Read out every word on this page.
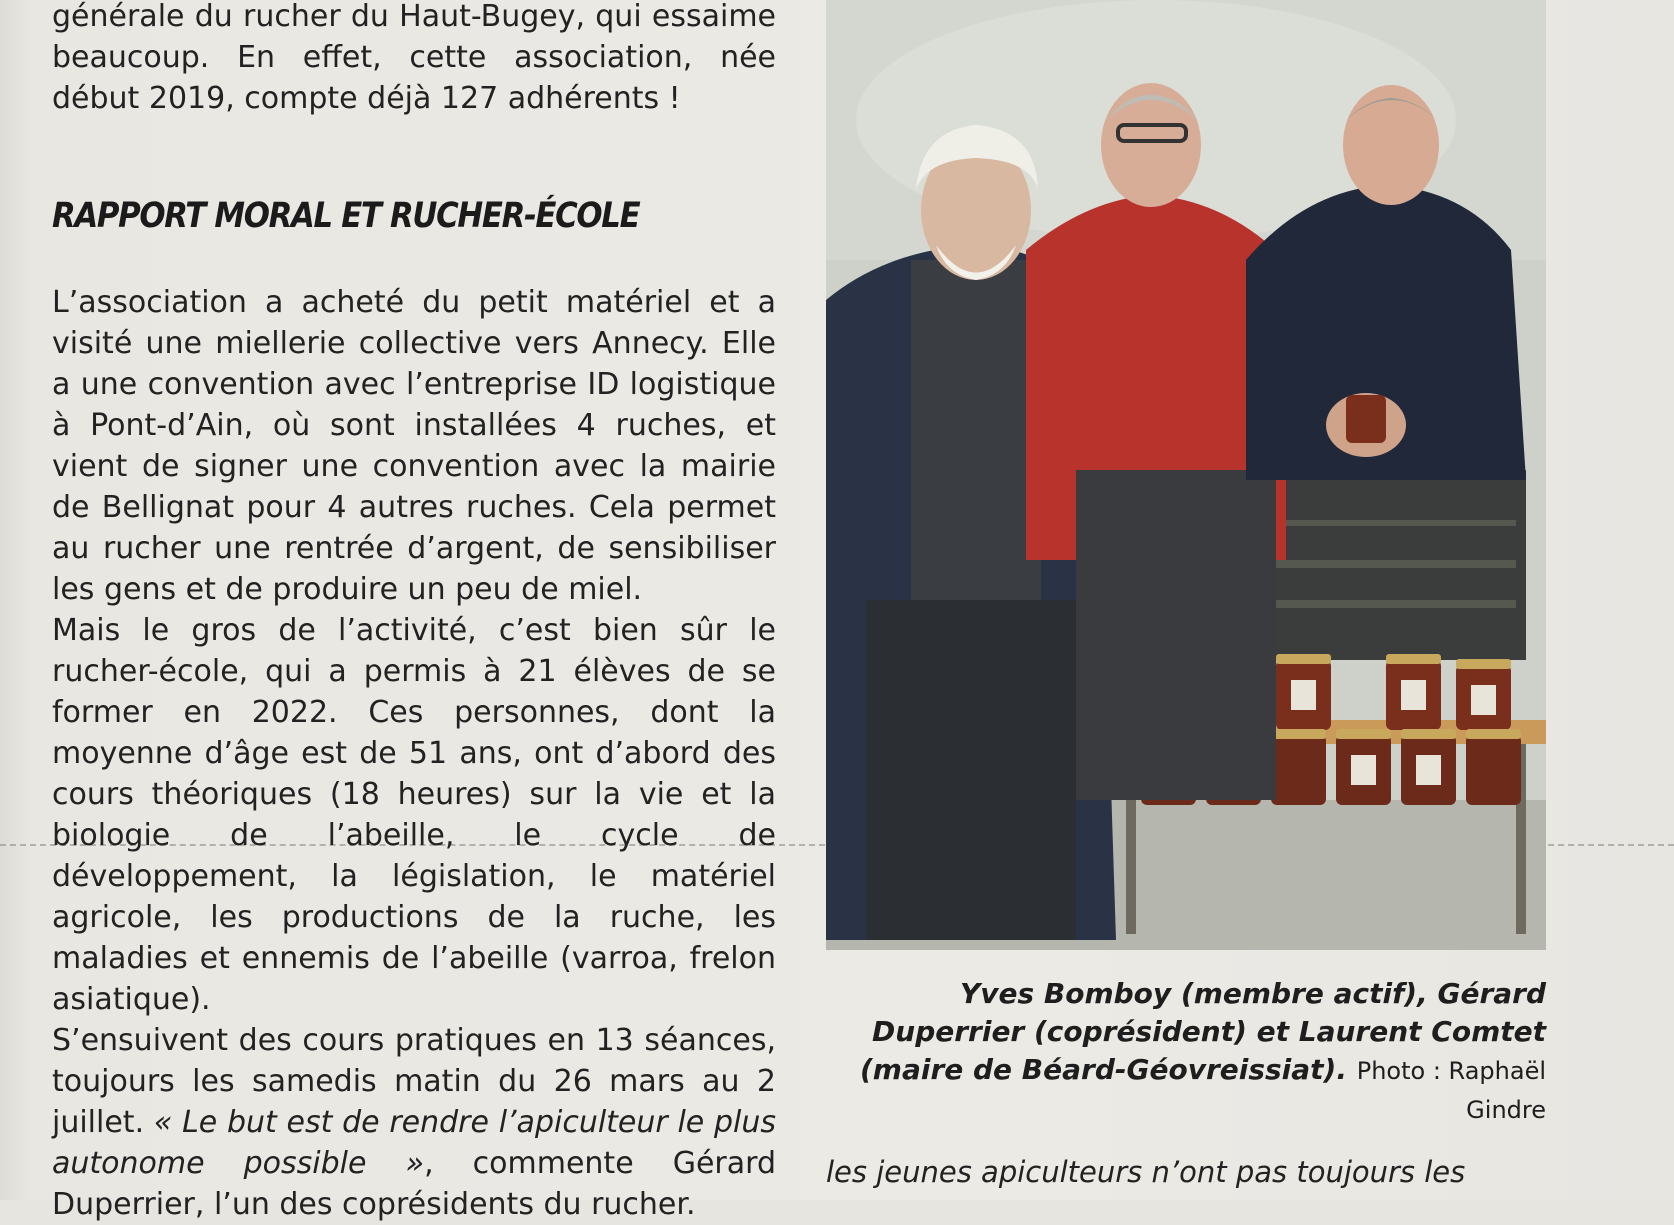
générale du rucher du Haut-Bugey, qui essaime beaucoup. En effet, cette association, née début 2019, compte déjà 127 adhérents !

RAPPORT MORAL ET RUCHER-ÉCOLE

L’association a acheté du petit matériel et a visité une miellerie collective vers Annecy. Elle a une convention avec l’entreprise ID logistique à Pont-d’Ain, où sont installées 4 ruches, et vient de signer une convention avec la mairie de Bellignat pour 4 autres ruches. Cela permet au rucher une rentrée d’argent, de sensibiliser les gens et de produire un peu de miel.

Mais le gros de l’activité, c’est bien sûr le rucher-école, qui a permis à 21 élèves de se former en 2022. Ces personnes, dont la moyenne d’âge est de 51 ans, ont d’abord des cours théoriques (18 heures) sur la vie et la biologie de l’abeille, le cycle de développement, la législation, le matériel agricole, les productions de la ruche, les maladies et ennemis de l’abeille (varroa, frelon asiatique).

S’ensuivent des cours pratiques en 13 séances, toujours les samedis matin du 26 mars au 2 juillet. « Le but est de rendre l’apiculteur le plus autonome possible », commente Gérard Duperrier, l’un des coprésidents du rucher.

Yves Bomboy (membre actif), Gérard Duperrier (coprésident) et Laurent Comtet (maire de Béard-Géovreissiat). Photo : Raphaël Gindre

les jeunes apiculteurs n’ont pas toujours les
